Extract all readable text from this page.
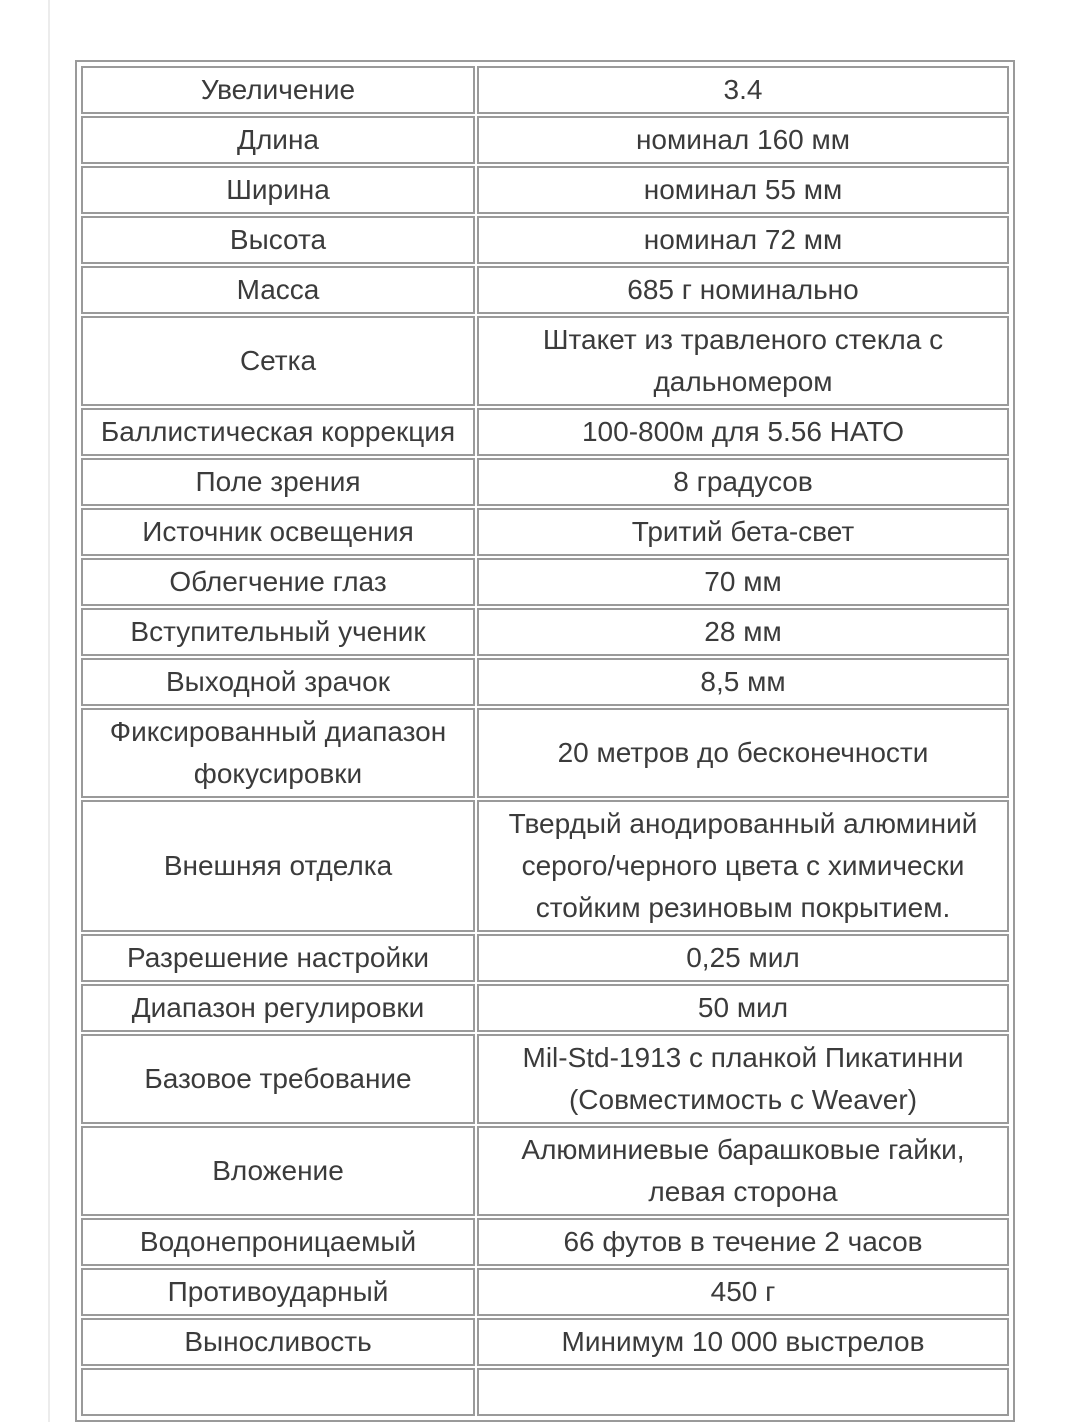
Увеличение	3.4
Длина	номинал 160 мм
Ширина	номинал 55 мм
Высота	номинал 72 мм
Масса	685 г номинально
Сетка	Штакет из травленого стекла с дальномером
Баллистическая коррекция	100-800м для 5.56 НАТО
Поле зрения	8 градусов
Источник освещения	Тритий бета-свет
Облегчение глаз	70 мм
Вступительный ученик	28 мм
Выходной зрачок	8,5 мм
Фиксированный диапазон фокусировки	20 метров до бесконечности
Внешняя отделка	Твердый анодированный алюминий серого/черного цвета с химически стойким резиновым покрытием.
Разрешение настройки	0,25 мил
Диапазон регулировки	50 мил
Базовое требование	Mil-Std-1913 с планкой Пикатинни (Совместимость с Weaver)
Вложение	Алюминиевые барашковые гайки, левая сторона
Водонепроницаемый	66 футов в течение 2 часов
Противоударный	450 г
Выносливость	Минимум 10 000 выстрелов
